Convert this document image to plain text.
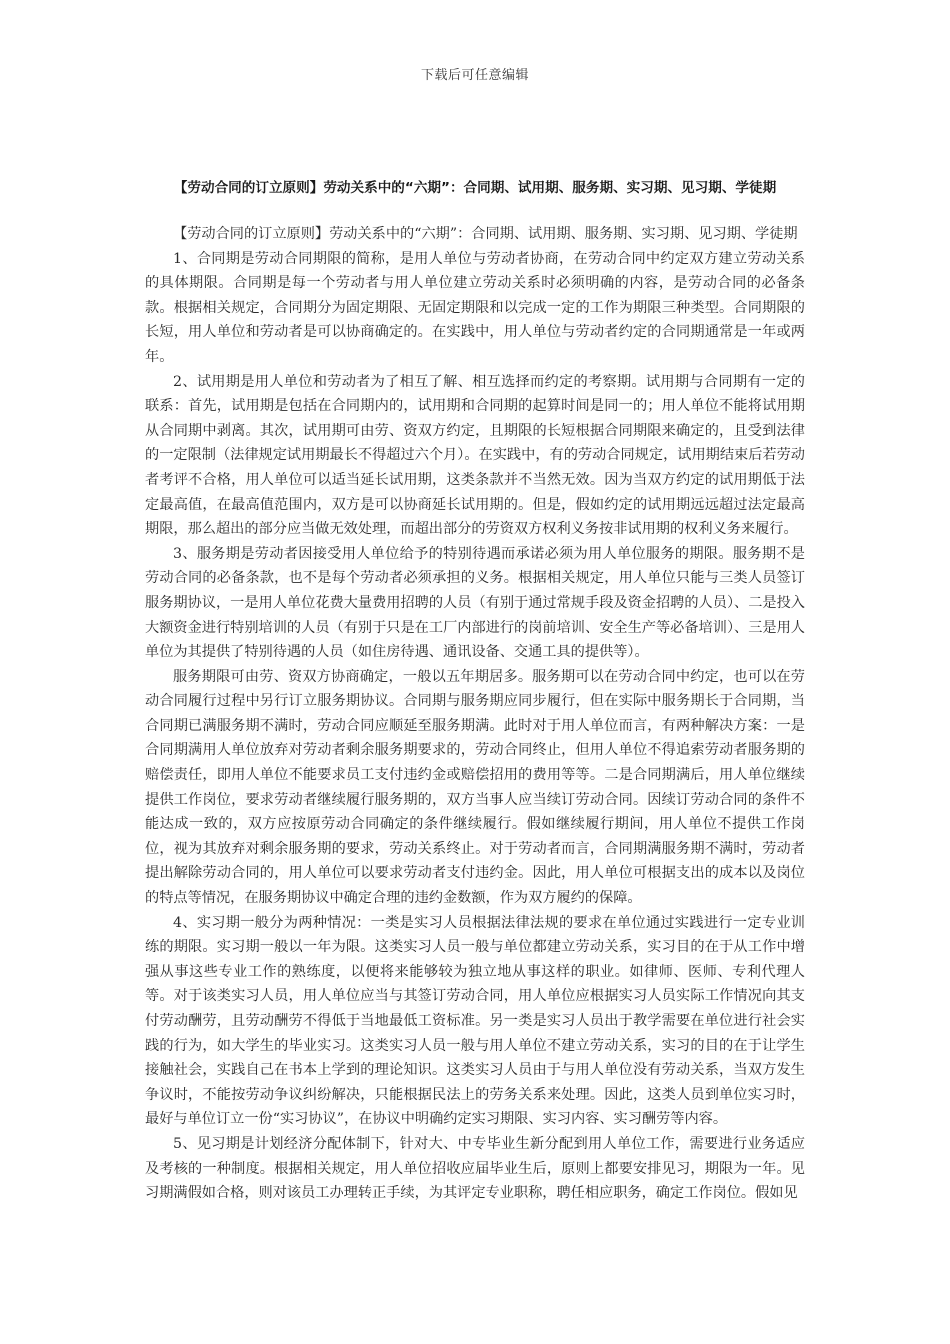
下载后可任意编辑
【劳动合同的订立原则】劳动关系中的“六期”：合同期、试用期、服务期、实习期、见习期、学徒期

【劳动合同的订立原则】劳动关系中的“六期”：合同期、试用期、服务期、实习期、见习期、学徒期

1、合同期是劳动合同期限的简称，是用人单位与劳动者协商，在劳动合同中约定双方建立劳动关系的具体期限。合同期是每一个劳动者与用人单位建立劳动关系时必须明确的内容，是劳动合同的必备条款。根据相关规定，合同期分为固定期限、无固定期限和以完成一定的工作为期限三种类型。合同期限的长短，用人单位和劳动者是可以协商确定的。在实践中，用人单位与劳动者约定的合同期通常是一年或两年。

2、试用期是用人单位和劳动者为了相互了解、相互选择而约定的考察期。试用期与合同期有一定的联系：首先，试用期是包括在合同期内的，试用期和合同期的起算时间是同一的；用人单位不能将试用期从合同期中剥离。其次，试用期可由劳、资双方约定，且期限的长短根据合同期限来确定的，且受到法律的一定限制（法律规定试用期最长不得超过六个月）。在实践中，有的劳动合同规定，试用期结束后若劳动者考评不合格，用人单位可以适当延长试用期，这类条款并不当然无效。因为当双方约定的试用期低于法定最高值，在最高值范围内，双方是可以协商延长试用期的。但是，假如约定的试用期远远超过法定最高期限，那么超出的部分应当做无效处理，而超出部分的劳资双方权利义务按非试用期的权利义务来履行。

3、服务期是劳动者因接受用人单位给予的特别待遇而承诺必须为用人单位服务的期限。服务期不是劳动合同的必备条款，也不是每个劳动者必须承担的义务。根据相关规定，用人单位只能与三类人员签订服务期协议，一是用人单位花费大量费用招聘的人员（有别于通过常规手段及资金招聘的人员）、二是投入大额资金进行特别培训的人员（有别于只是在工厂内部进行的岗前培训、安全生产等必备培训）、三是用人单位为其提供了特别待遇的人员（如住房待遇、通讯设备、交通工具的提供等）。

服务期限可由劳、资双方协商确定，一般以五年期居多。服务期可以在劳动合同中约定，也可以在劳动合同履行过程中另行订立服务期协议。合同期与服务期应同步履行，但在实际中服务期长于合同期，当合同期已满服务期不满时，劳动合同应顺延至服务期满。此时对于用人单位而言，有两种解决方案：一是合同期满用人单位放弃对劳动者剩余服务期要求的，劳动合同终止，但用人单位不得追索劳动者服务期的赔偿责任，即用人单位不能要求员工支付违约金或赔偿招用的费用等等。二是合同期满后，用人单位继续提供工作岗位，要求劳动者继续履行服务期的，双方当事人应当续订劳动合同。因续订劳动合同的条件不能达成一致的，双方应按原劳动合同确定的条件继续履行。假如继续履行期间，用人单位不提供工作岗位，视为其放弃对剩余服务期的要求，劳动关系终止。对于劳动者而言，合同期满服务期不满时，劳动者提出解除劳动合同的，用人单位可以要求劳动者支付违约金。因此，用人单位可根据支出的成本以及岗位的特点等情况，在服务期协议中确定合理的违约金数额，作为双方履约的保障。

4、实习期一般分为两种情况：一类是实习人员根据法律法规的要求在单位通过实践进行一定专业训练的期限。实习期一般以一年为限。这类实习人员一般与单位都建立劳动关系，实习目的在于从工作中增强从事这些专业工作的熟练度，以便将来能够较为独立地从事这样的职业。如律师、医师、专利代理人等。对于该类实习人员，用人单位应当与其签订劳动合同，用人单位应根据实习人员实际工作情况向其支付劳动酬劳，且劳动酬劳不得低于当地最低工资标准。另一类是实习人员出于教学需要在单位进行社会实践的行为，如大学生的毕业实习。这类实习人员一般与用人单位不建立劳动关系，实习的目的在于让学生接触社会，实践自己在书本上学到的理论知识。这类实习人员由于与用人单位没有劳动关系，当双方发生争议时，不能按劳动争议纠纷解决，只能根据民法上的劳务关系来处理。因此，这类人员到单位实习时，最好与单位订立一份“实习协议”，在协议中明确约定实习期限、实习内容、实习酬劳等内容。

5、见习期是计划经济分配体制下，针对大、中专毕业生新分配到用人单位工作，需要进行业务适应及考核的一种制度。根据相关规定，用人单位招收应届毕业生后，原则上都要安排见习，期限为一年。见习期满假如合格，则对该员工办理转正手续，为其评定专业职称，聘任相应职务，确定工作岗位。假如见
